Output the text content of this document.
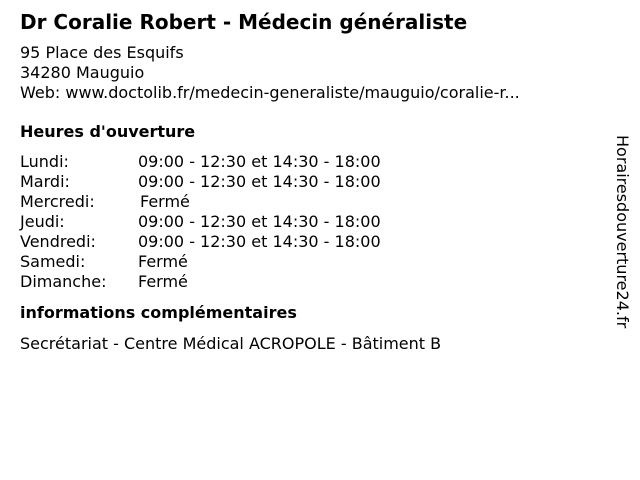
Dr Coralie Robert - Médecin généraliste
95 Place des Esquifs
34280 Mauguio
Web: www.doctolib.fr/medecin-generaliste/mauguio/coralie-r...
Heures d'ouverture
Lundi:	09:00 - 12:30 et 14:30 - 18:00
Mardi:	09:00 - 12:30 et 14:30 - 18:00
Mercredi:	Fermé
Jeudi:	09:00 - 12:30 et 14:30 - 18:00
Vendredi:	09:00 - 12:30 et 14:30 - 18:00
Samedi:	Fermé
Dimanche:	Fermé
informations complémentaires
Secrétariat - Centre Médical ACROPOLE - Bâtiment B
Horairesdouverture24.fr
